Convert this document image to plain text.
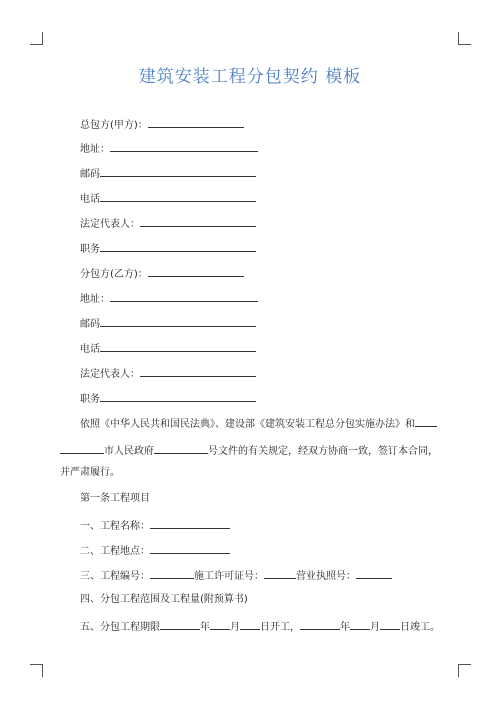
建筑安装工程分包契约 模板
总包方(甲方)：
地址：
邮码
电话
法定代表人：
职务
分包方(乙方)：
地址：
邮码
电话
法定代表人：
职务
依照《中华人民共和国民法典》、建设部《建筑安装工程总分包实施办法》和
市人民政府	号文件的有关规定，经双方协商一致，签订本合同，
并严肃履行。
第一条工程项目
一、工程名称：
二、工程地点：
三、工程编号：	施工许可证号：	营业执照号：
四、分包工程范围及工程量(附预算书)
五、分包工程期限	年 月 日开工，	年 月 日竣工。
